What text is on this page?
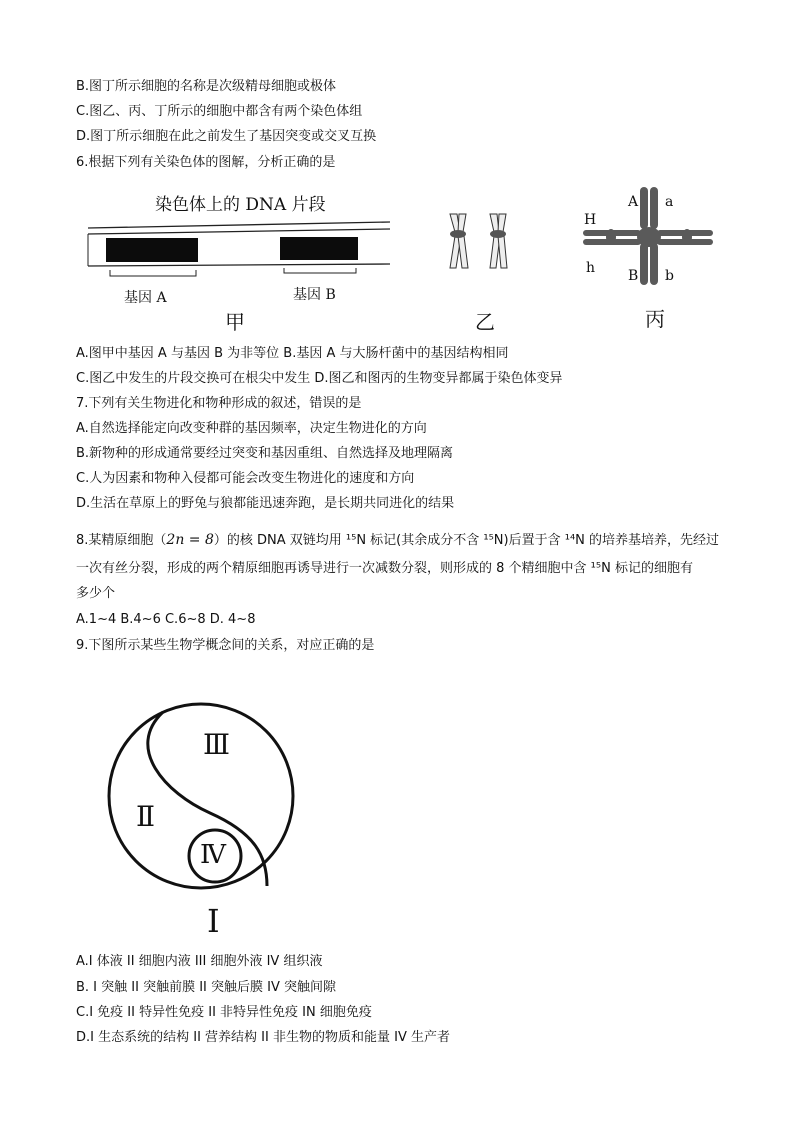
B.图丁所示细胞的名称是次级精母细胞或极体
C.图乙、丙、丁所示的细胞中都含有两个染色体组
D.图丁所示细胞在此之前发生了基因突变或交叉互换
6.根据下列有关染色体的图解，分析正确的是
染色体上的 DNA 片段
基因 A	基因 B
甲	乙
H
h
A a
B b
丙
A.图甲中基因 A 与基因 B 为非等位 B.基因 A 与大肠杆菌中的基因结构相同
C.图乙中发生的片段交换可在根尖中发生 D.图乙和图丙的生物变异都属于染色体变异
7.下列有关生物进化和物种形成的叙述，错误的是
A.自然选择能定向改变种群的基因频率，决定生物进化的方向
B.新物种的形成通常要经过突变和基因重组、自然选择及地理隔离
C.人为因素和物种入侵都可能会改变生物进化的速度和方向
D.生活在草原上的野兔与狼都能迅速奔跑，是长期共同进化的结果
8.某精原细胞（2n = 8）的核 DNA 双链均用 ¹⁵N 标记(其余成分不含 ¹⁵N)后置于含 ¹⁴N 的培养基培养，先经过
一次有丝分裂，形成的两个精原细胞再诱导进行一次减数分裂，则形成的 8 个精细胞中含 ¹⁵N 标记的细胞有
多少个
A.1~4 B.4~6 C.6~8 D. 4~8
9.下图所示某些生物学概念间的关系，对应正确的是
Ⅲ
Ⅱ
Ⅳ
Ⅰ
A.I 体液 II 细胞内液 III 细胞外液 IV 组织液
B. I 突触 II 突触前膜 II 突触后膜 IV 突触间隙
C.I 免疫 II 特异性免疫 II 非特异性免疫 IN 细胞免疫
D.I 生态系统的结构 II 营养结构 II 非生物的物质和能量 IV 生产者
